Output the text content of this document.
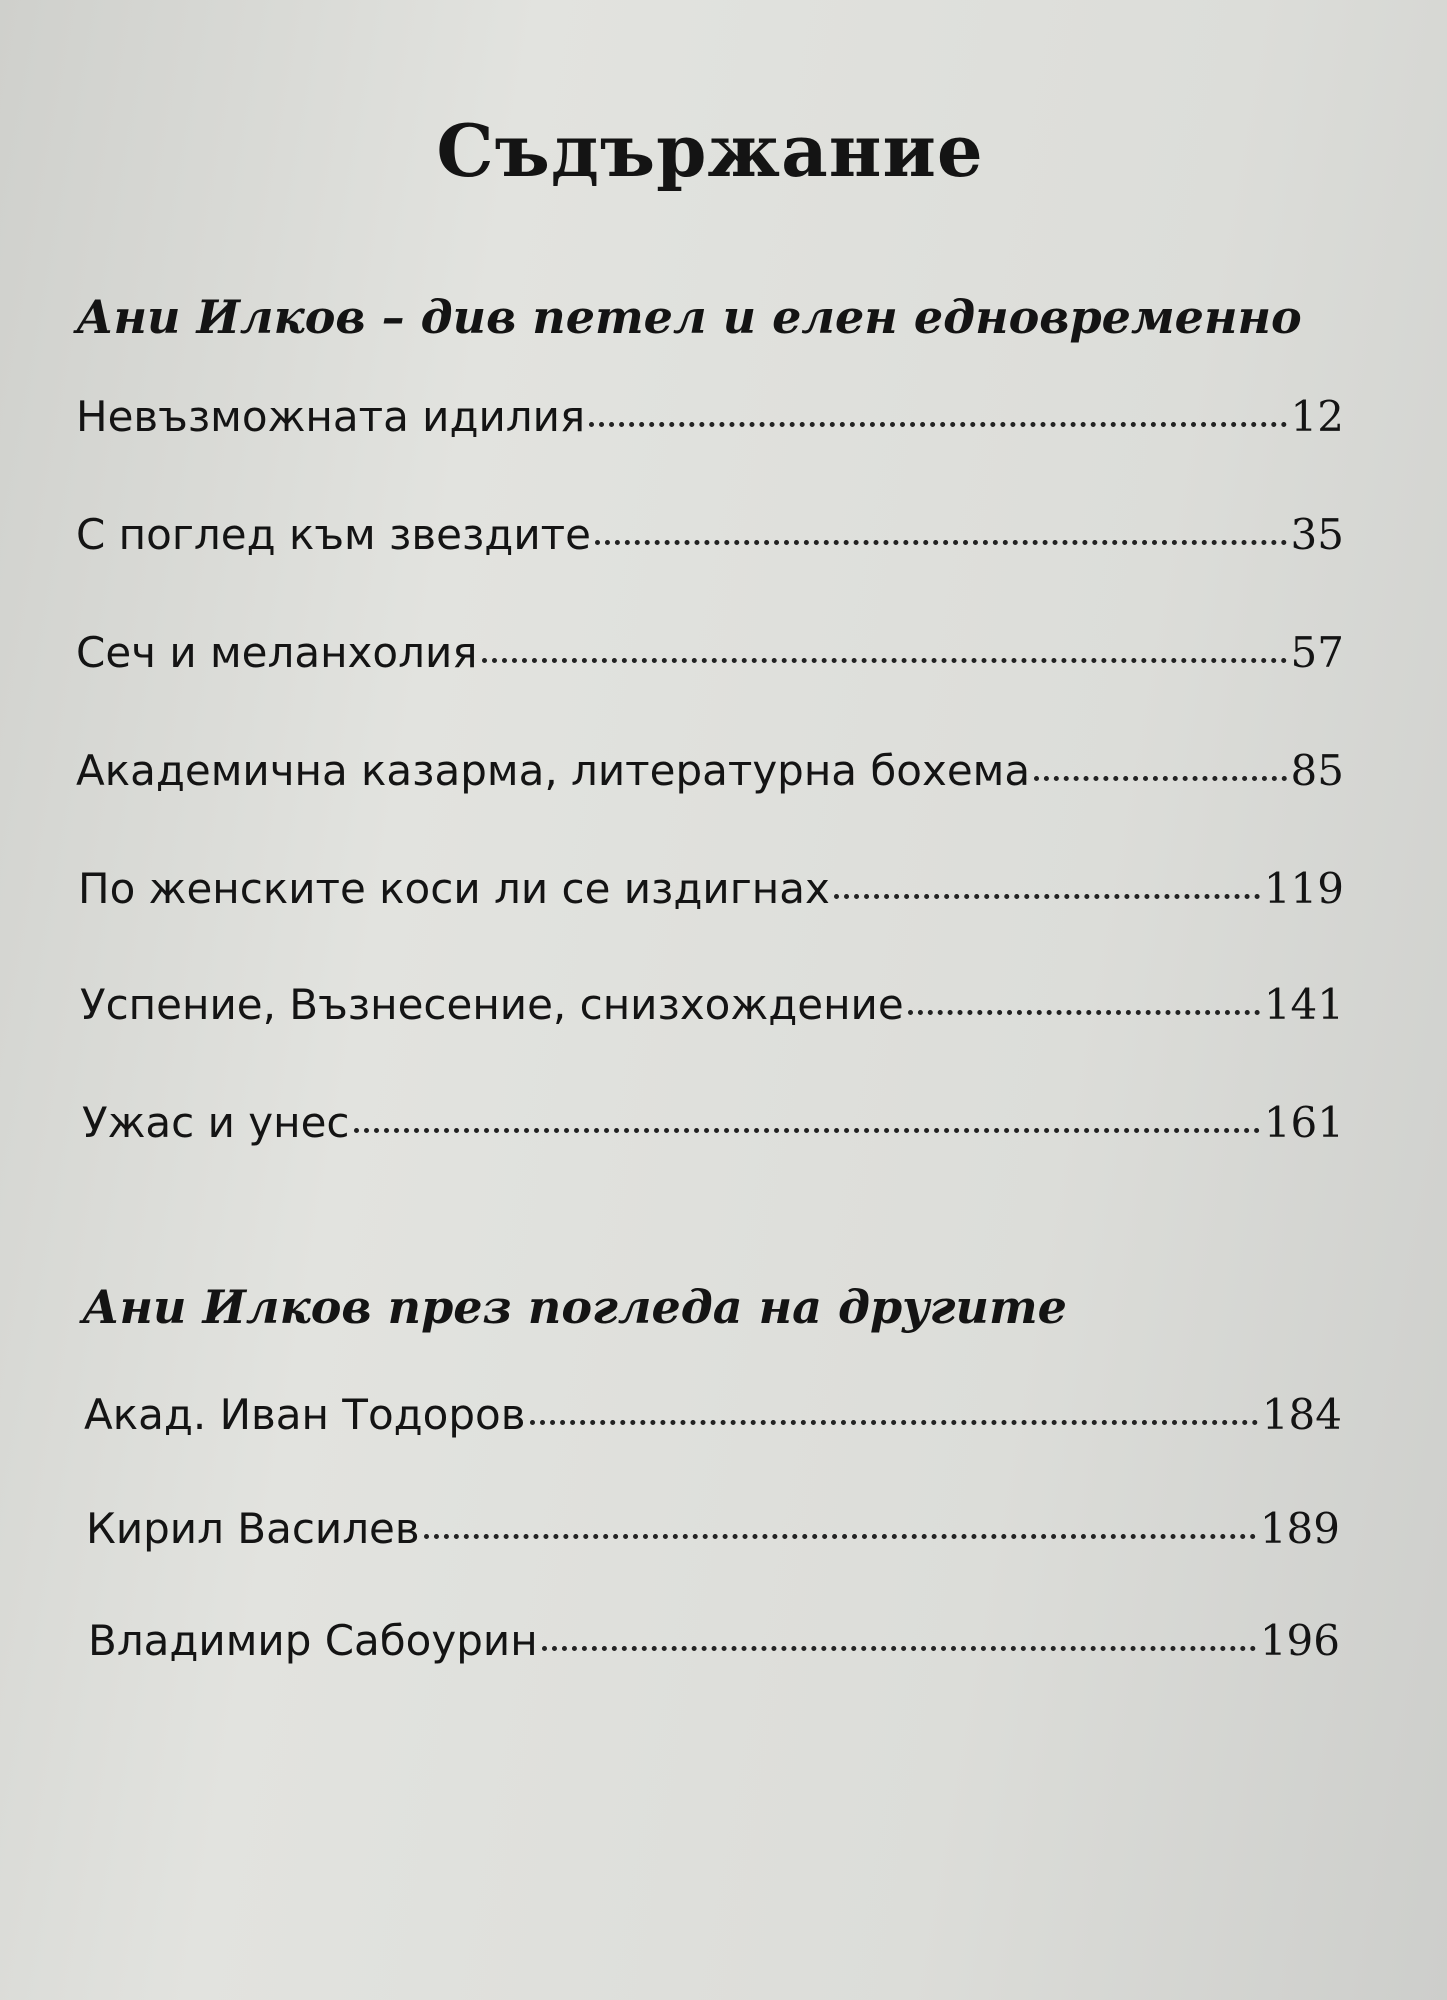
Съдържание
Ани Илков – див петел и елен едновременно
Невъзможната идилия	12
С поглед към звездите	35
Сеч и меланхолия	57
Академична казарма, литературна бохема	85
По женските коси ли се издигнах	119
Успение, Възнесение, снизхождение	141
Ужас и унес	161
Ани Илков през погледа на другите
Акад. Иван Тодоров	184
Кирил Василев	189
Владимир Сабоурин	196
